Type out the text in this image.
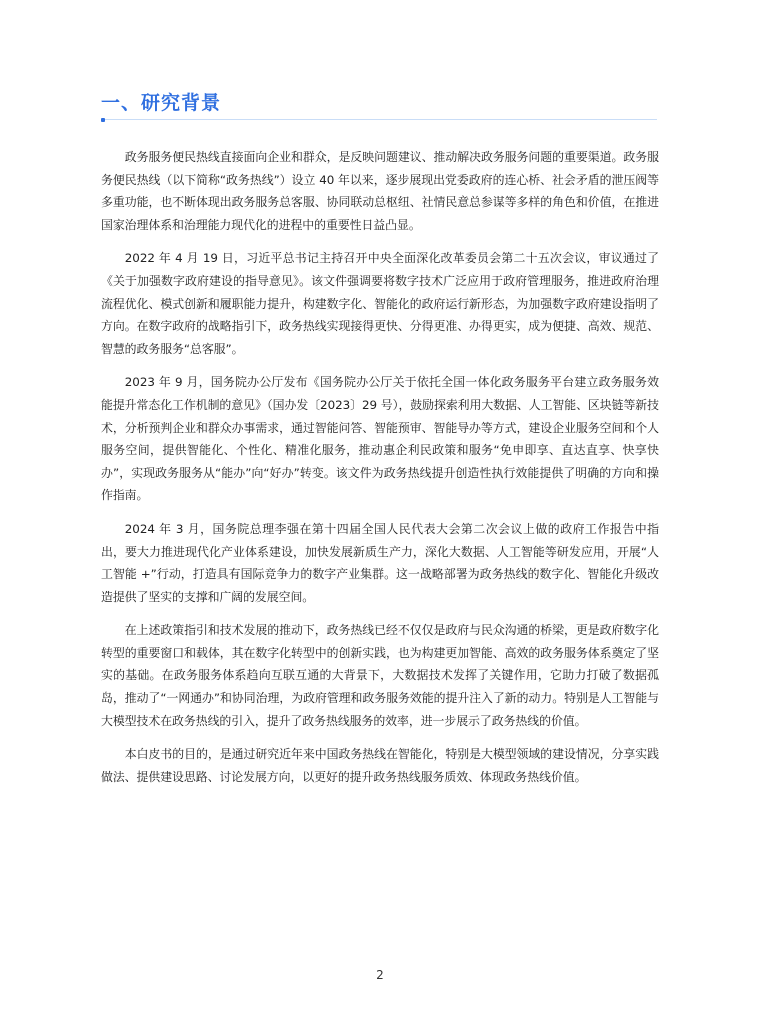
一、研究背景

政务服务便民热线直接面向企业和群众，是反映问题建议、推动解决政务服务问题的重要渠道。政务服务便民热线（以下简称“政务热线”）设立 40 年以来，逐步展现出党委政府的连心桥、社会矛盾的泄压阀等多重功能，也不断体现出政务服务总客服、协同联动总枢纽、社情民意总参谋等多样的角色和价值，在推进国家治理体系和治理能力现代化的进程中的重要性日益凸显。

2022 年 4 月 19 日，习近平总书记主持召开中央全面深化改革委员会第二十五次会议，审议通过了《关于加强数字政府建设的指导意见》。该文件强调要将数字技术广泛应用于政府管理服务，推进政府治理流程优化、模式创新和履职能力提升，构建数字化、智能化的政府运行新形态，为加强数字政府建设指明了方向。在数字政府的战略指引下，政务热线实现接得更快、分得更准、办得更实，成为便捷、高效、规范、智慧的政务服务“总客服”。

2023 年 9 月，国务院办公厅发布《国务院办公厅关于依托全国一体化政务服务平台建立政务服务效能提升常态化工作机制的意见》（国办发〔2023〕29 号），鼓励探索利用大数据、人工智能、区块链等新技术，分析预判企业和群众办事需求，通过智能问答、智能预审、智能导办等方式，建设企业服务空间和个人服务空间，提供智能化、个性化、精准化服务，推动惠企利民政策和服务“免申即享、直达直享、快享快办”，实现政务服务从“能办”向“好办”转变。该文件为政务热线提升创造性执行效能提供了明确的方向和操作指南。

2024 年 3 月，国务院总理李强在第十四届全国人民代表大会第二次会议上做的政府工作报告中指出，要大力推进现代化产业体系建设，加快发展新质生产力，深化大数据、人工智能等研发应用，开展“人工智能 +”行动，打造具有国际竞争力的数字产业集群。这一战略部署为政务热线的数字化、智能化升级改造提供了坚实的支撑和广阔的发展空间。

在上述政策指引和技术发展的推动下，政务热线已经不仅仅是政府与民众沟通的桥梁，更是政府数字化转型的重要窗口和载体，其在数字化转型中的创新实践，也为构建更加智能、高效的政务服务体系奠定了坚实的基础。在政务服务体系趋向互联互通的大背景下，大数据技术发挥了关键作用，它助力打破了数据孤岛，推动了“一网通办”和协同治理，为政府管理和政务服务效能的提升注入了新的动力。特别是人工智能与大模型技术在政务热线的引入，提升了政务热线服务的效率，进一步展示了政务热线的价值。

本白皮书的目的，是通过研究近年来中国政务热线在智能化，特别是大模型领域的建设情况，分享实践做法、提供建设思路、讨论发展方向，以更好的提升政务热线服务质效、体现政务热线价值。

2
